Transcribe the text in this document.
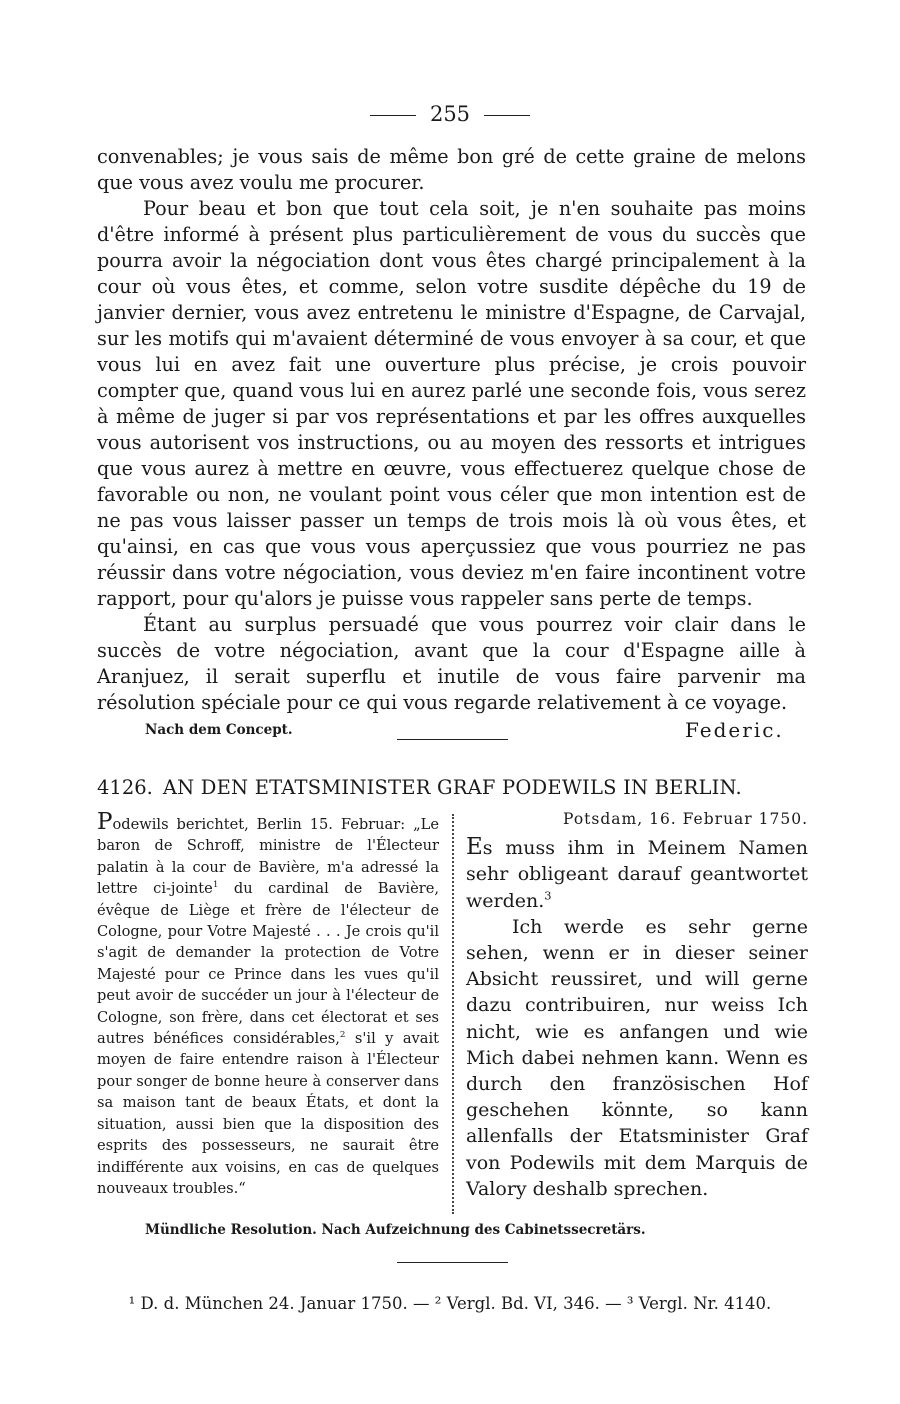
255

convenables; je vous sais de même bon gré de cette graine de melons que vous avez voulu me procurer.

Pour beau et bon que tout cela soit, je n'en souhaite pas moins d'être informé à présent plus particulièrement de vous du succès que pourra avoir la négociation dont vous êtes chargé principalement à la cour où vous êtes, et comme, selon votre susdite dépêche du 19 de janvier dernier, vous avez entretenu le ministre d'Espagne, de Carvajal, sur les motifs qui m'avaient déterminé de vous envoyer à sa cour, et que vous lui en avez fait une ouverture plus précise, je crois pouvoir compter que, quand vous lui en aurez parlé une seconde fois, vous serez à même de juger si par vos représentations et par les offres auxquelles vous autorisent vos instructions, ou au moyen des ressorts et intrigues que vous aurez à mettre en œuvre, vous effectuerez quelque chose de favorable ou non, ne voulant point vous céler que mon intention est de ne pas vous laisser passer un temps de trois mois là où vous êtes, et qu'ainsi, en cas que vous vous aperçussiez que vous pourriez ne pas réussir dans votre négociation, vous deviez m'en faire incontinent votre rapport, pour qu'alors je puisse vous rappeler sans perte de temps.

Étant au surplus persuadé que vous pourrez voir clair dans le succès de votre négociation, avant que la cour d'Espagne aille à Aranjuez, il serait superflu et inutile de vous faire parvenir ma résolution spéciale pour ce qui vous regarde relativement à ce voyage.

Nach dem Concept.	Federic.
4126. AN DEN ETATSMINISTER GRAF PODEWILS IN BERLIN.
Podewils berichtet, Berlin 15. Februar: „Le baron de Schroff, ministre de l'Électeur palatin à la cour de Bavière, m'a adressé la lettre ci-jointe$^1$ du cardinal de Bavière, évêque de Liège et frère de l'électeur de Cologne, pour Votre Majesté . . . Je crois qu'il s'agit de demander la protection de Votre Majesté pour ce Prince dans les vues qu'il peut avoir de succéder un jour à l'électeur de Cologne, son frère, dans cet électorat et ses autres bénéfices considérables,$^2$ s'il y avait moyen de faire entendre raison à l'Électeur pour songer de bonne heure à conserver dans sa maison tant de beaux États, et dont la situation, aussi bien que la disposition des esprits des possesseurs, ne saurait être indifférente aux voisins, en cas de quelques nouveaux troubles.“
Potsdam, 16. Februar 1750.

Es muss ihm in Meinem Namen sehr obligeant darauf geantwortet werden.$^3$

Ich werde es sehr gerne sehen, wenn er in dieser seiner Absicht reussiret, und will gerne dazu contribuiren, nur weiss Ich nicht, wie es anfangen und wie Mich dabei nehmen kann. Wenn es durch den französischen Hof geschehen könnte, so kann allenfalls der Etatsminister Graf von Podewils mit dem Marquis de Valory deshalb sprechen.

Mündliche Resolution. Nach Aufzeichnung des Cabinetssecretärs.
¹ D. d. München 24. Januar 1750. — ² Vergl. Bd. VI, 346. — ³ Vergl. Nr. 4140.
